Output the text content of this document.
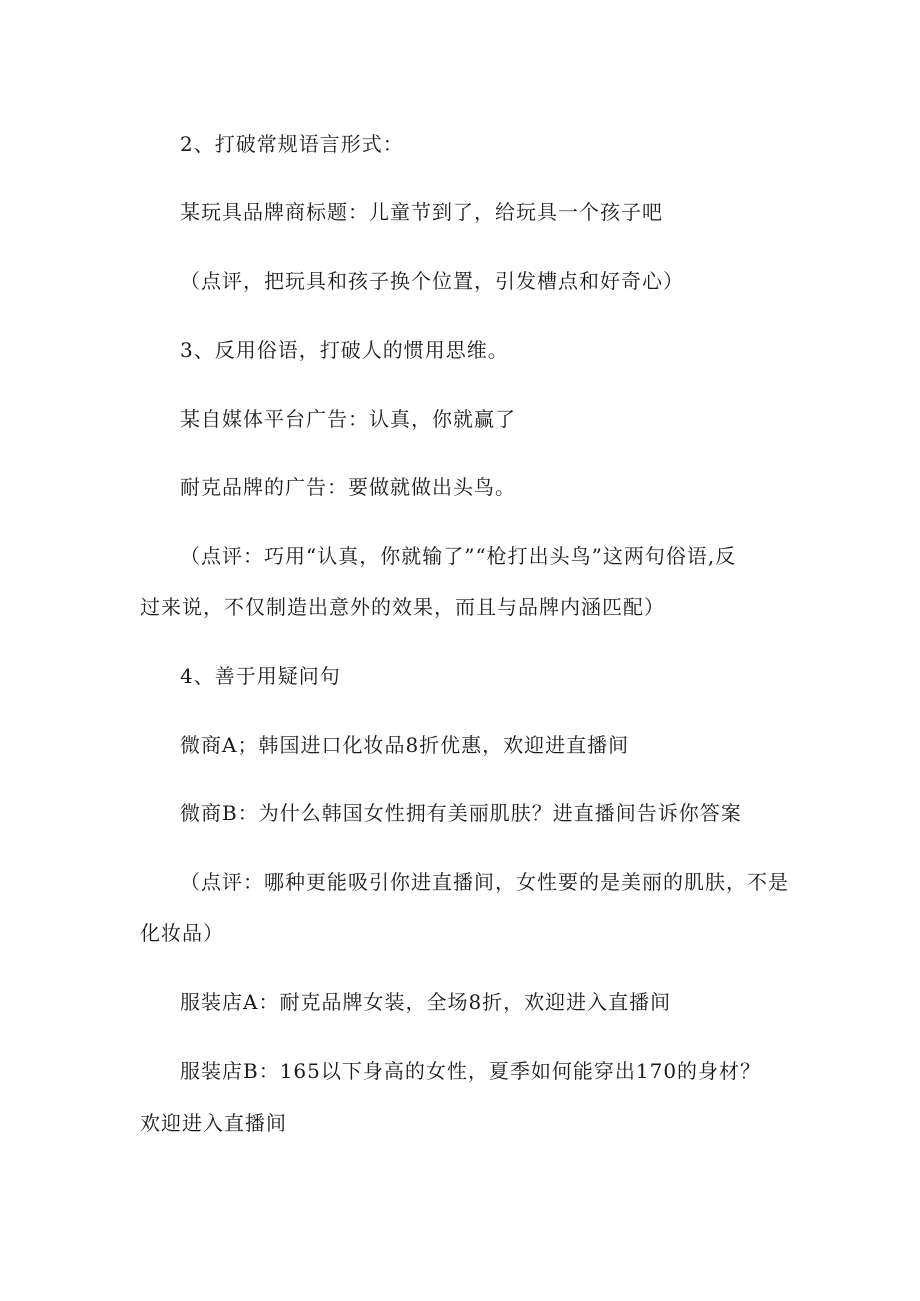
2、打破常规语言形式：
某玩具品牌商标题：儿童节到了，给玩具一个孩子吧
（点评，把玩具和孩子换个位置，引发槽点和好奇心）
3、反用俗语，打破人的惯用思维。
某自媒体平台广告：认真，你就赢了
耐克品牌的广告：要做就做出头鸟。
（点评：巧用“认真，你就输了”“枪打出头鸟”这两句俗语,反
过来说，不仅制造出意外的效果，而且与品牌内涵匹配）
4、善于用疑问句
微商A；韩国进口化妆品8折优惠，欢迎进直播间
微商B：为什么韩国女性拥有美丽肌肤？进直播间告诉你答案
（点评：哪种更能吸引你进直播间，女性要的是美丽的肌肤，不是
化妆品）
服装店A：耐克品牌女装，全场8折，欢迎进入直播间
服装店B：165以下身高的女性，夏季如何能穿出170的身材？
欢迎进入直播间
